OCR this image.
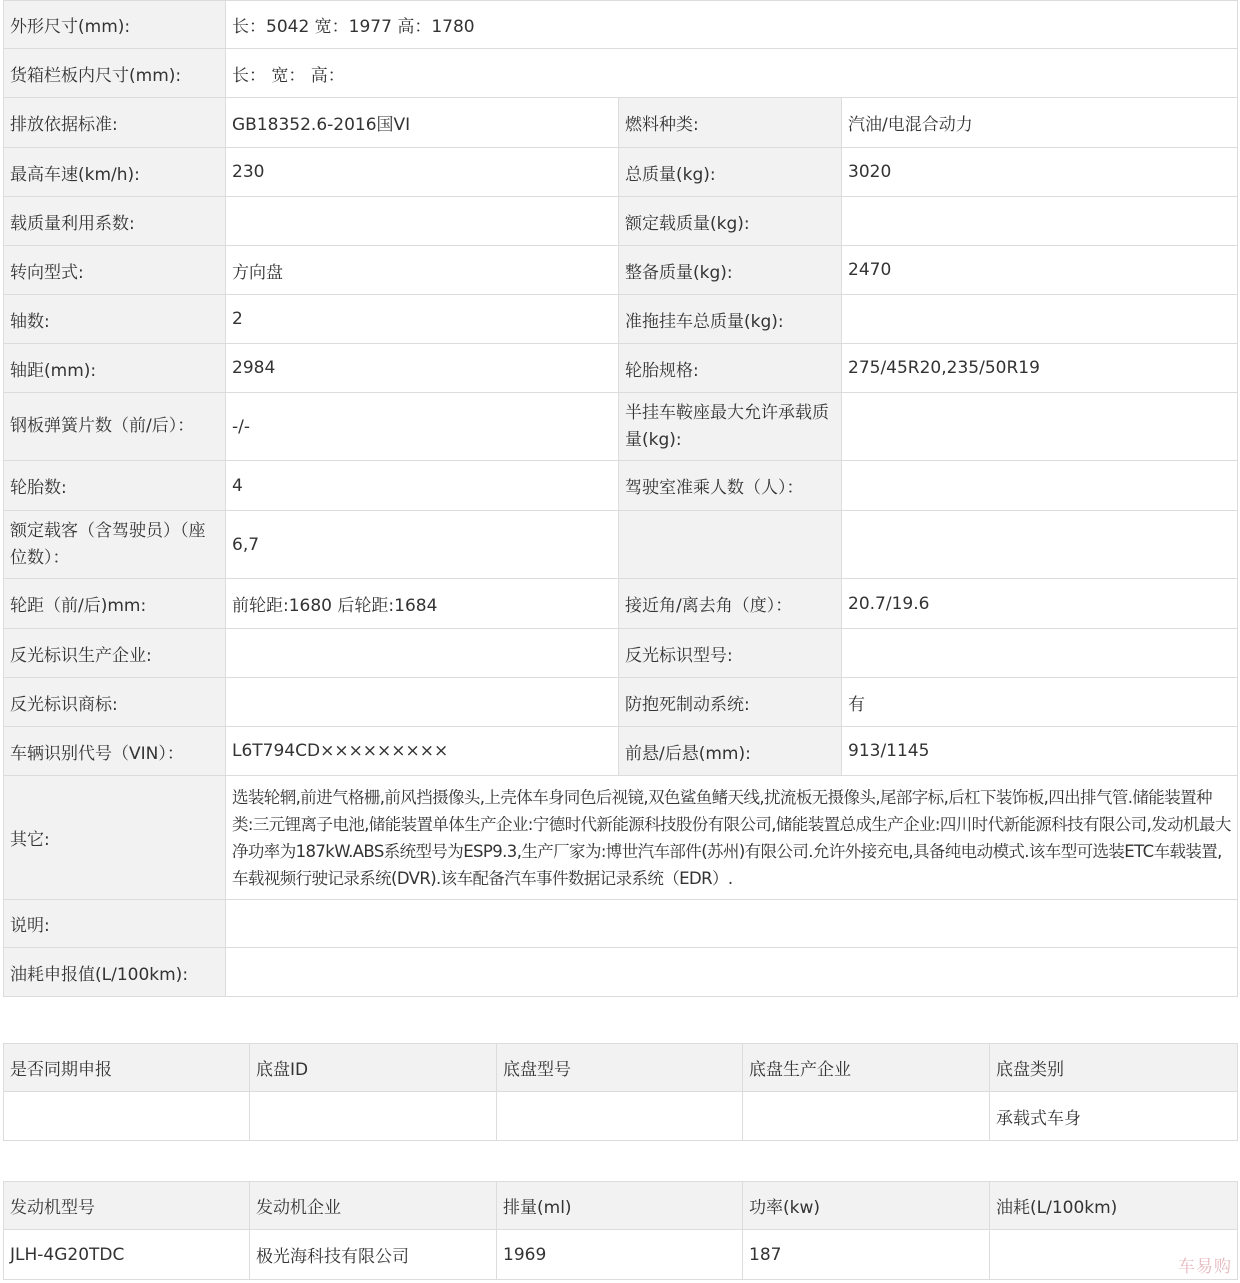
外形尺寸(mm):	长：5042 宽：1977 高：1780		
货箱栏板内尺寸(mm):	长： 宽： 高：		
排放依据标准:	GB18352.6-2016国VI	燃料种类:	汽油/电混合动力
最高车速(km/h):	230	总质量(kg):	3020
载质量利用系数:		额定载质量(kg):	
转向型式:	方向盘	整备质量(kg):	2470
轴数:	2	准拖挂车总质量(kg):	
轴距(mm):	2984	轮胎规格:	275/45R20,235/50R19
钢板弹簧片数（前/后）：	-/-	半挂车鞍座最大允许承载质量(kg):	
轮胎数:	4	驾驶室准乘人数（人）：	
额定载客（含驾驶员）（座位数）：	6,7		
轮距（前/后)mm:	前轮距:1680 后轮距:1684	接近角/离去角（度）：	20.7/19.6
反光标识生产企业:		反光标识型号:	
反光标识商标:		防抱死制动系统:	有
车辆识别代号（VIN）：	L6T794CD×××××××××	前悬/后悬(mm):	913/1145
其它:	选装轮辋,前进气格栅,前风挡摄像头,上壳体车身同色后视镜,双色鲨鱼鳍天线,扰流板无摄像头,尾部字标,后杠下装饰板,四出排气管.储能装置种类:三元锂离子电池,储能装置单体生产企业:宁德时代新能源科技股份有限公司,储能装置总成生产企业:四川时代新能源科技有限公司,发动机最大净功率为187kW.ABS系统型号为ESP9.3,生产厂家为:博世汽车部件(苏州)有限公司.允许外接充电,具备纯电动模式.该车型可选装ETC车载装置,车载视频行驶记录系统(DVR).该车配备汽车事件数据记录系统（EDR）.		
说明:			
油耗申报值(L/100km):			
是否同期申报	底盘ID	底盘型号	底盘生产企业	底盘类别
				承载式车身
发动机型号	发动机企业	排量(ml)	功率(kw)	油耗(L/100km)
JLH-4G20TDC	极光海科技有限公司	1969	187	
车易购
